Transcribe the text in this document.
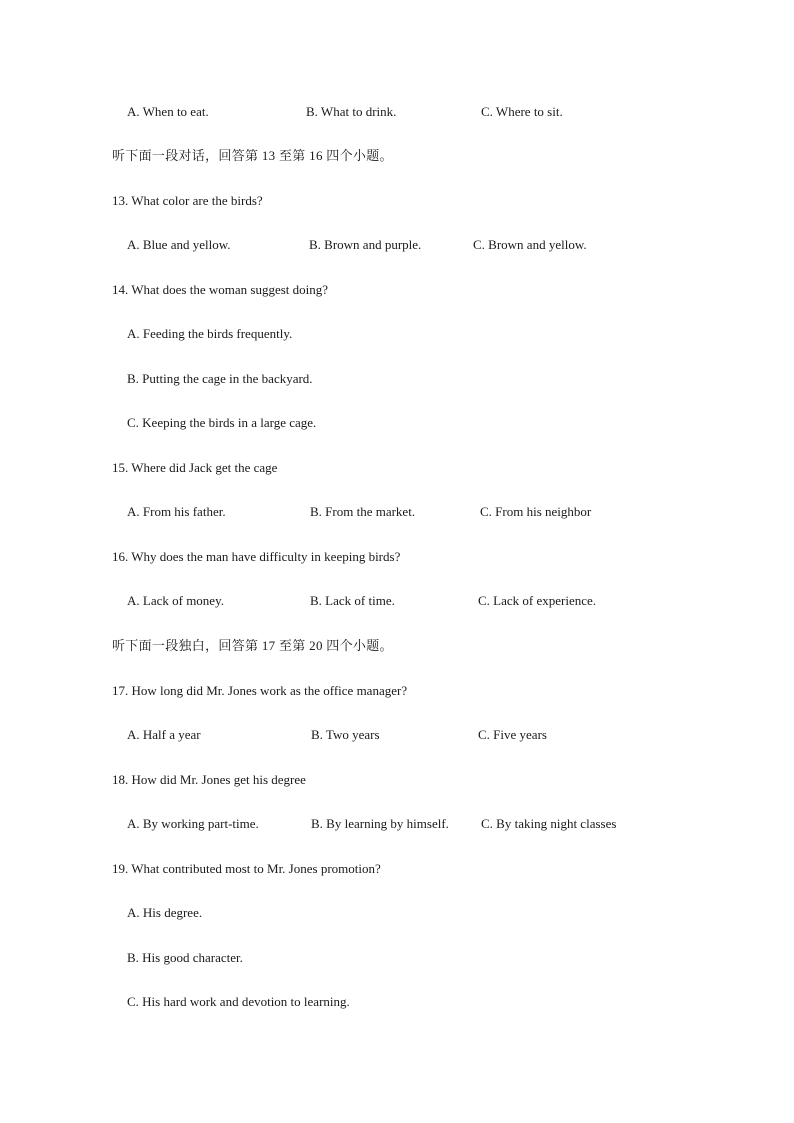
A. When to eat.	B. What to drink.	C. Where to sit.
听下面一段对话，回答第 13 至第 16 四个小题。
13. What color are the birds?
A. Blue and yellow.	B. Brown and purple.	C. Brown and yellow.
14. What does the woman suggest doing?
A. Feeding the birds frequently.
B. Putting the cage in the backyard.
C. Keeping the birds in a large cage.
15. Where did Jack get the cage
A. From his father.	B. From the market.	C. From his neighbor
16. Why does the man have difficulty in keeping birds?
A. Lack of money.	B. Lack of time.	C. Lack of experience.
听下面一段独白，回答第 17 至第 20 四个小题。
17. How long did Mr. Jones work as the office manager?
A. Half a year	B. Two years	C. Five years
18. How did Mr. Jones get his degree
A. By working part-time.	B. By learning by himself. C. By taking night classes
19. What contributed most to Mr. Jones promotion?
A. His degree.
B. His good character.
C. His hard work and devotion to learning.
